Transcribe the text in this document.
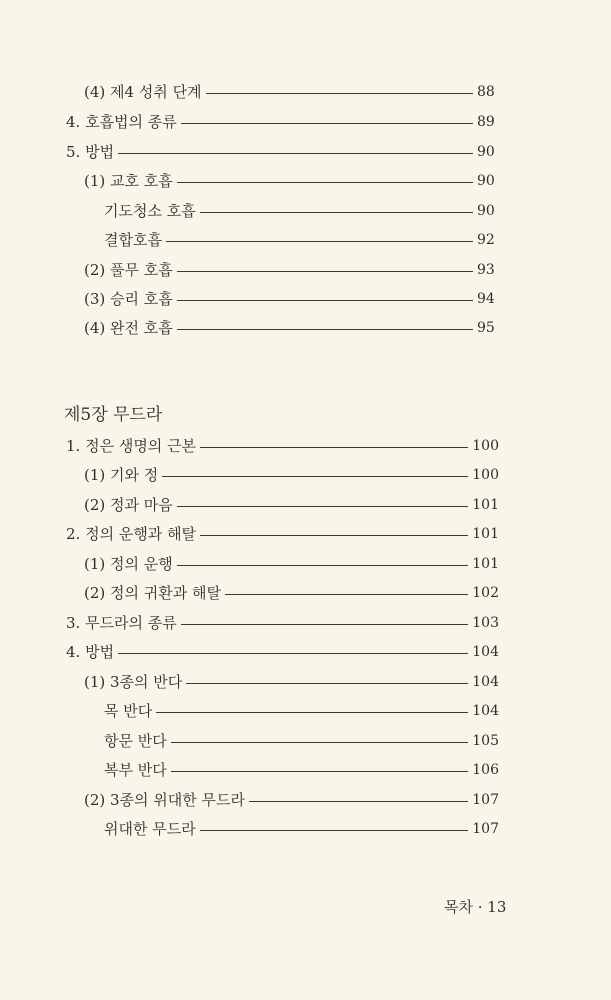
(4) 제4 성취 단계	88
4. 호흡법의 종류	89
5. 방법	90
(1) 교호 호흡	90
기도청소 호흡	90
결합호흡	92
(2) 풀무 호흡	93
(3) 승리 호흡	94
(4) 완전 호흡	95
제5장 무드라
1. 정은 생명의 근본	100
(1) 기와 정	100
(2) 정과 마음	101
2. 정의 운행과 해탈	101
(1) 정의 운행	101
(2) 정의 귀환과 해탈	102
3. 무드라의 종류	103
4. 방법	104
(1) 3종의 반다	104
목 반다	104
항문 반다	105
복부 반다	106
(2) 3종의 위대한 무드라	107
위대한 무드라	107
목차 · 13
